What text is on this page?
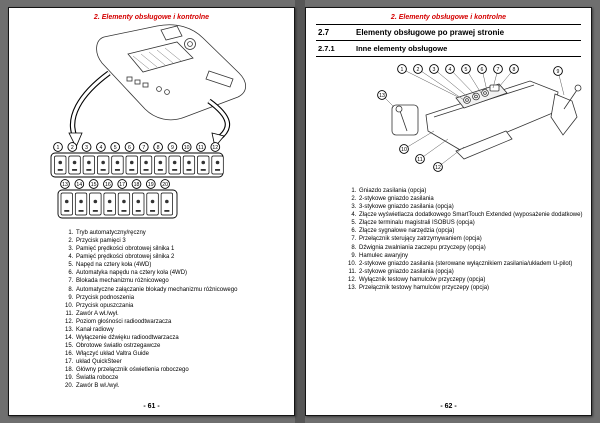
2. Elementy obsługowe i kontrolne
1 2 3 4 5 6 7 8 9 10 11 12
13 14 15 16 17 18 19 20
1. Tryb automatyczny/ręczny
2. Przycisk pamięci 3
3. Pamięć prędkości obrotowej silnika 1
4. Pamięć prędkości obrotowej silnika 2
5. Napęd na cztery koła (4WD)
6. Automatyka napędu na cztery koła (4WD)
7. Blokada mechanizmu różnicowego
8. Automatyczne załączanie blokady mechanizmu różnicowego
9. Przycisk podnoszenia
10. Przycisk opuszczania
11. Zawór A wł./wył.
12. Poziom głośności radioodtwarzacza
13. Kanał radiowy
14. Wyłączenie dźwięku radioodtwarzacza
15. Obrotowe światło ostrzegawcze
16. Włączyć układ Valtra Guide
17. układ QuickSteer
18. Główny przełącznik oświetlenia roboczego
19. Światła robocze
20. Zawór B wł./wył.
- 61 -
2. Elementy obsługowe i kontrolne
2.7	Elementy obsługowe po prawej stronie
2.7.1	Inne elementy obsługowe
1	2	3	4	5	6	7	8	9
10
11
12
13
1. Gniazdo zasilania (opcja)
2. 2-stykowe gniazdo zasilania
3. 3-stykowe gniazdo zasilania (opcja)
4. Złącze wyświetlacza dodatkowego SmartTouch Extended (wyposażenie dodatkowe)
5. Złącze terminalu magistrali ISOBUS (opcja)
6. Złącze sygnałowe narzędzia (opcja)
7. Przełącznik sterujący zatrzymywaniem (opcja)
8. Dźwignia zwalniania zaczepu przyczepy (opcja)
9. Hamulec awaryjny
10. 2-stykowe gniazdo zasilania (sterowane wyłącznikiem zasilania/układem U-pilot)
11. 2-stykowe gniazdo zasilania (opcja)
12. Wyłącznik testowy hamulców przyczepy (opcja)
13. Przełącznik testowy hamulców przyczepy (opcja)
- 62 -
